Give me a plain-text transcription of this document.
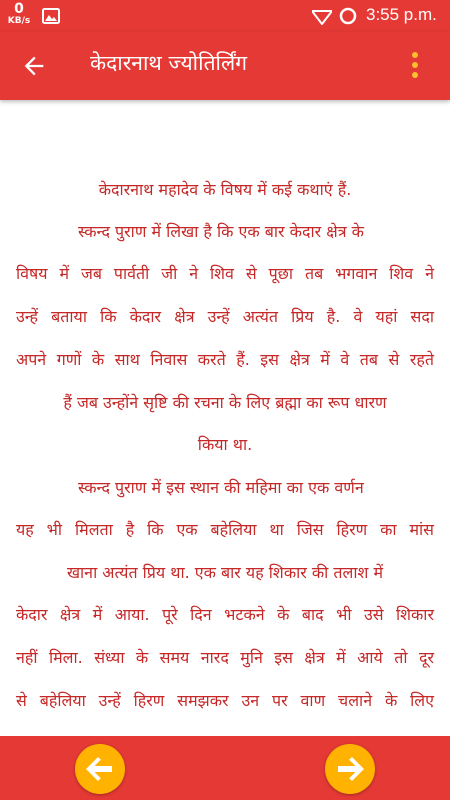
0
KB/s	3:55 p.m.
केदारनाथ ज्योतिर्लिंग
केदारनाथ महादेव के विषय में कई कथाएं हैं.
स्कन्द पुराण में लिखा है कि एक बार केदार क्षेत्र के
विषय में जब पार्वती जी ने शिव से पूछा तब भगवान शिव ने
उन्हें बताया कि केदार क्षेत्र उन्हें अत्यंत प्रिय है. वे यहां सदा
अपने गणों के साथ निवास करते हैं. इस क्षेत्र में वे तब से रहते
हैं जब उन्होंने सृष्टि की रचना के लिए ब्रह्मा का रूप धारण
किया था.
स्कन्द पुराण में इस स्थान की महिमा का एक वर्णन
यह भी मिलता है कि एक बहेलिया था जिस हिरण का मांस
खाना अत्यंत प्रिय था. एक बार यह शिकार की तलाश में
केदार क्षेत्र में आया. पूरे दिन भटकने के बाद भी उसे शिकार
नहीं मिला. संध्या के समय नारद मुनि इस क्षेत्र में आये तो दूर
से बहेलिया उन्हें हिरण समझकर उन पर वाण चलाने के लिए
